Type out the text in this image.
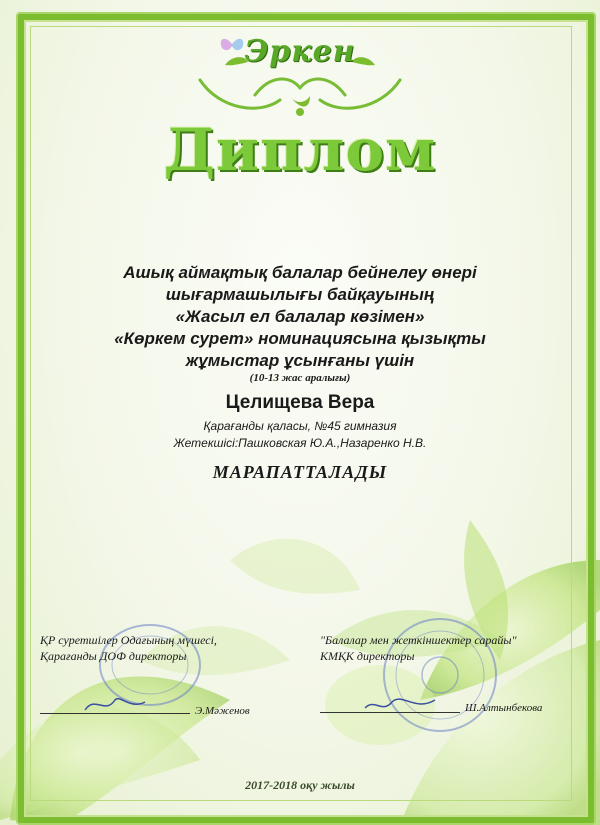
Эркен
Диплом
Ашық аймақтық балалар бейнелеу өнері
шығармашылығы байқауының
«Жасыл ел балалар көзімен»
«Көркем сурет» номинациясына қызықты
жұмыстар ұсынғаны үшін
(10-13 жас аралығы)
Целищева Вера
Қарағанды қаласы, №45 гимназия
Жетекшісі:Пашковская Ю.А.,Назаренко Н.В.
МАРАПАТТАЛАДЫ
ҚР суретшілер Одағының мүшесі,
Қарағанды ДОФ директоры
Э.Мәженов
"Балалар мен жеткіншектер сарайы"
КМҚК директоры
Ш.Алтынбекова
2017-2018 оқу жылы
